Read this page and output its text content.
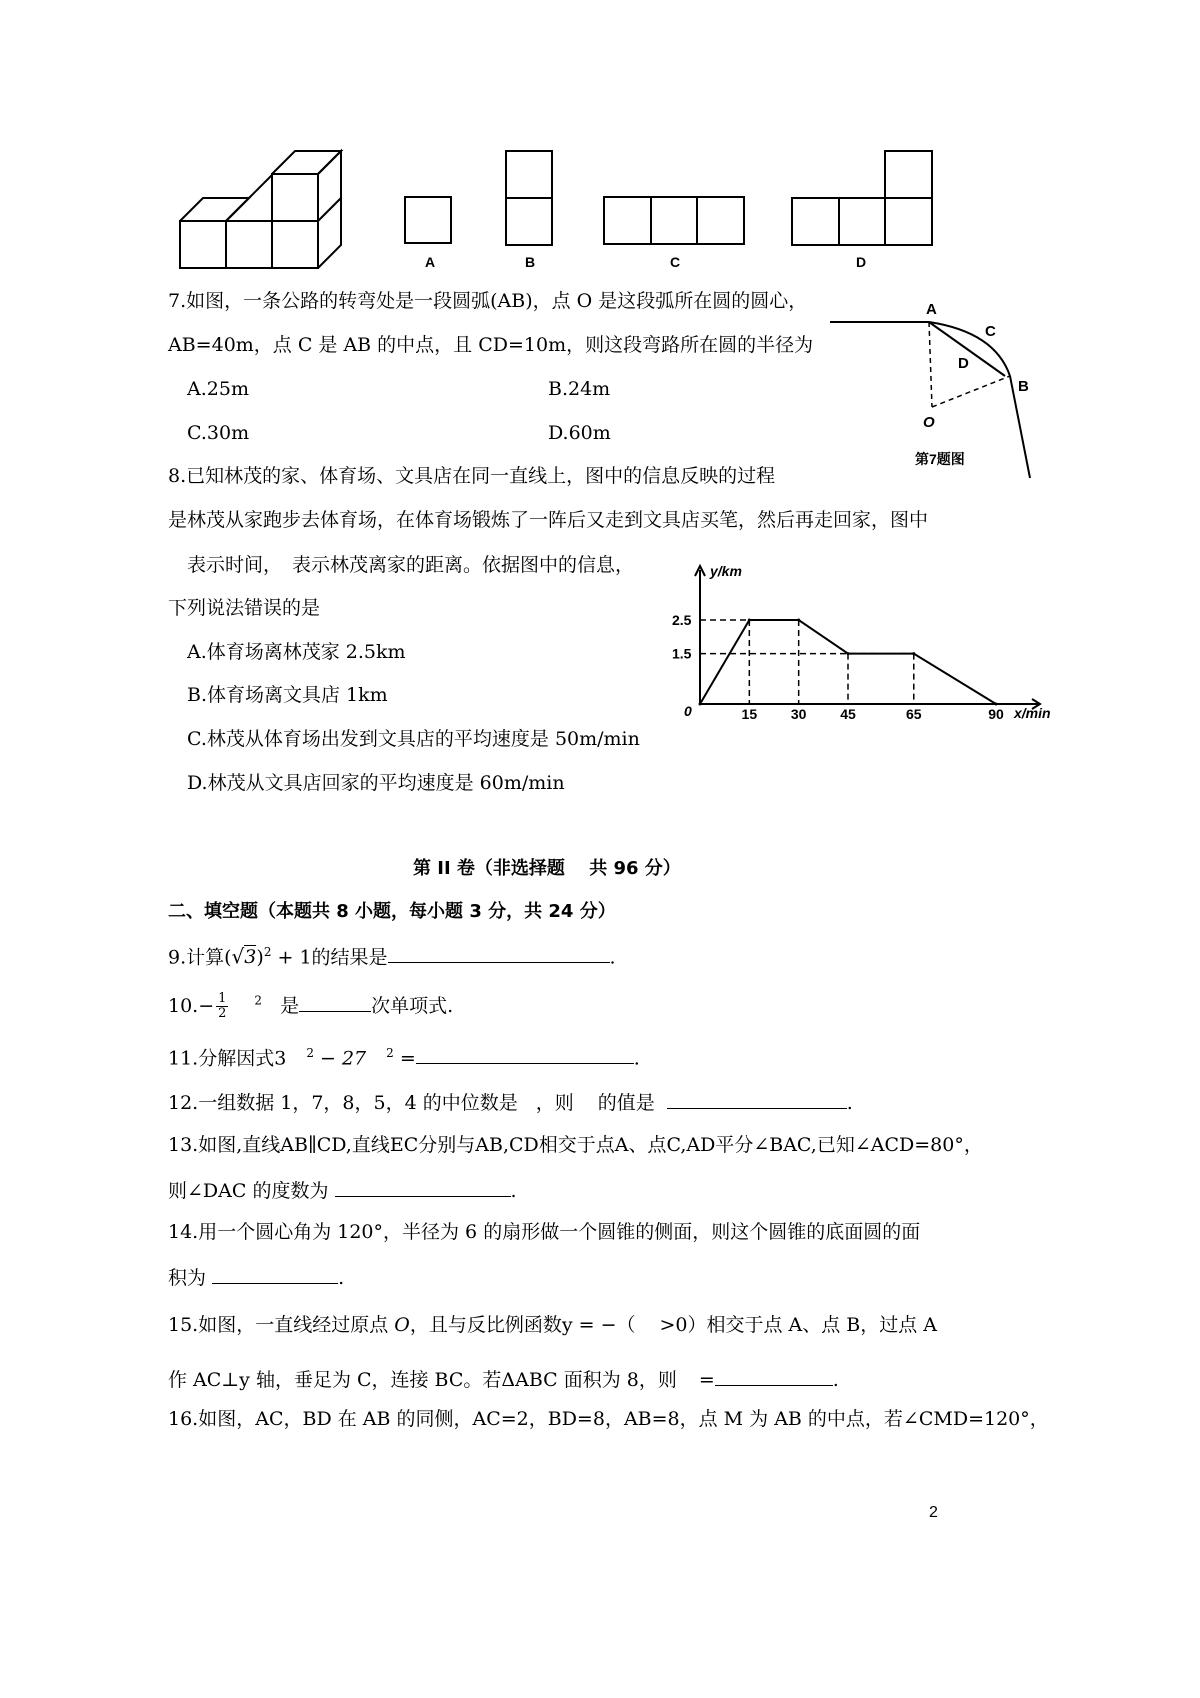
A	B	C	D
7.如图，一条公路的转弯处是一段圆弧(AB)，点 O 是这段弧所在圆的圆心，
AB=40m，点 C 是 AB 的中点，且 CD=10m，则这段弯路所在圆的半径为
A.25m	B.24m
C.30m	D.60m
A
C
D
B
O
第7题图
8.已知林茂的家、体育场、文具店在同一直线上，图中的信息反映的过程
是林茂从家跑步去体育场，在体育场锻炼了一阵后又走到文具店买笔，然后再走回家，图中
表示时间， 表示林茂离家的距离。依据图中的信息，
下列说法错误的是
A.体育场离林茂家 2.5km
B.体育场离文具店 1km
C.林茂从体育场出发到文具店的平均速度是 50m/min
D.林茂从文具店回家的平均速度是 60m/min
2.5
1.5
15 30 45	65	90
y/km
x/min
0
第 II 卷（非选择题　 共 96 分）
二、填空题（本题共 8 小题，每小题 3 分，共 24 分）
9.计算$(√3)^2 + 1$的结果是	.
$10.- \frac{1}{2} ^2$ 是	次单项式.
11.分解因式3 $^2$ − 27 $^2$ =	.
12.一组数据 1，7，8，5，4 的中位数是 ，则 的值是	.
13.如图,直线AB∥CD,直线EC分别与AB,CD相交于点A、点C,AD平分∠BAC,已知∠ACD=80°，
则∠DAC 的度数为	.
14.用一个圆心角为 120°，半径为 6 的扇形做一个圆锥的侧面，则这个圆锥的底面圆的面
积为	.
15.如图，一直线经过原点 O，且与反比例函数y = −（ >0）相交于点 A、点 B，过点 A
作 AC⊥y 轴，垂足为 C，连接 BC。若ΔABC 面积为 8，则 =	.
16.如图，AC，BD 在 AB 的同侧，AC=2，BD=8，AB=8，点 M 为 AB 的中点，若∠CMD=120°，
2
